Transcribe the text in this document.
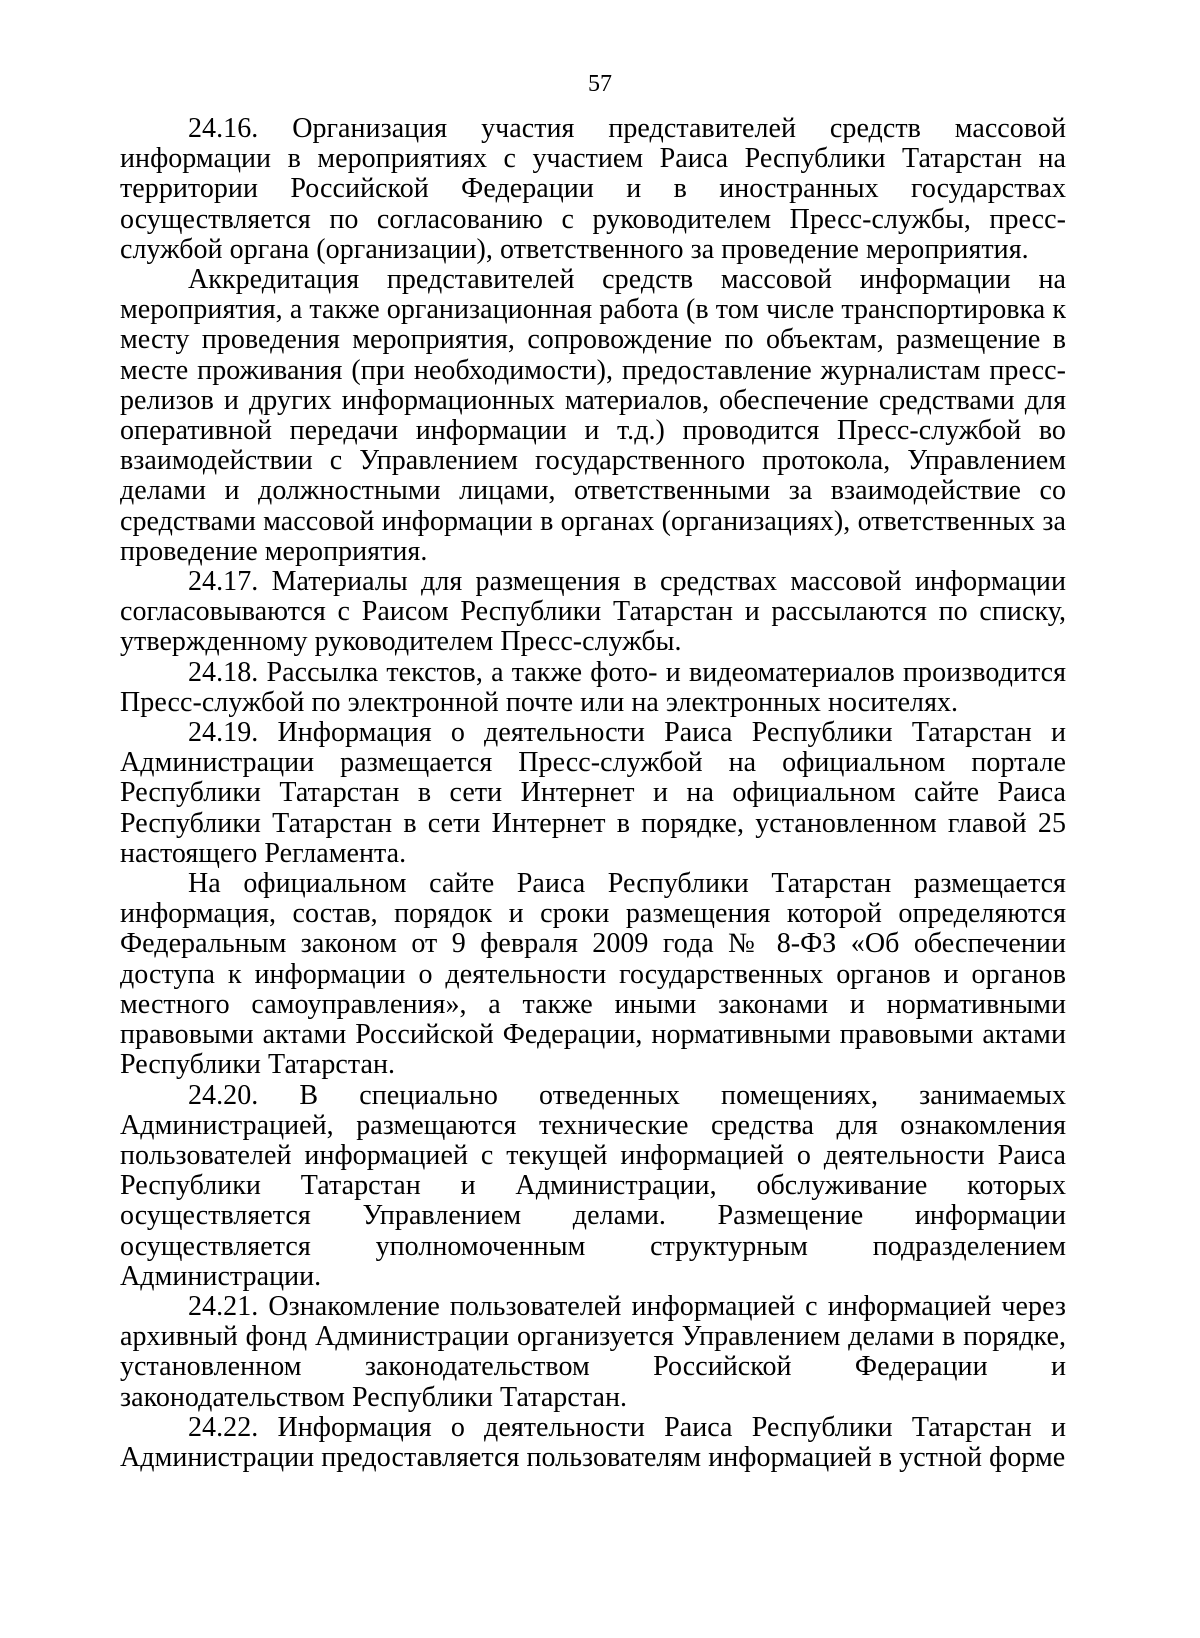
57

24.16. Организация участия представителей средств массовой информации в мероприятиях с участием Раиса Республики Татарстан на территории Российской Федерации и в иностранных государствах осуществляется по согласованию с руководителем Пресс-службы, пресс-службой органа (организации), ответственного за проведение мероприятия.

Аккредитация представителей средств массовой информации на мероприятия, а также организационная работа (в том числе транспортировка к месту проведения мероприятия, сопровождение по объектам, размещение в месте проживания (при необходимости), предоставление журналистам пресс-релизов и других информационных материалов, обеспечение средствами для оперативной передачи информации и т.д.) проводится Пресс-службой во взаимодействии с Управлением государственного протокола, Управлением делами и должностными лицами, ответственными за взаимодействие со средствами массовой информации в органах (организациях), ответственных за проведение мероприятия.

24.17. Материалы для размещения в средствах массовой информации согласовываются с Раисом Республики Татарстан и рассылаются по списку, утвержденному руководителем Пресс-службы.

24.18. Рассылка текстов, а также фото- и видеоматериалов производится Пресс-службой по электронной почте или на электронных носителях.

24.19. Информация о деятельности Раиса Республики Татарстан и Администрации размещается Пресс-службой на официальном портале Республики Татарстан в сети Интернет и на официальном сайте Раиса Республики Татарстан в сети Интернет в порядке, установленном главой 25 настоящего Регламента.

На официальном сайте Раиса Республики Татарстан размещается информация, состав, порядок и сроки размещения которой определяются Федеральным законом от 9 февраля 2009 года № 8-ФЗ «Об обеспечении доступа к информации о деятельности государственных органов и органов местного самоуправления», а также иными законами и нормативными правовыми актами Российской Федерации, нормативными правовыми актами Республики Татарстан.

24.20. В специально отведенных помещениях, занимаемых Администрацией, размещаются технические средства для ознакомления пользователей информацией с текущей информацией о деятельности Раиса Республики Татарстан и Администрации, обслуживание которых осуществляется Управлением делами. Размещение информации осуществляется уполномоченным структурным подразделением Администрации.

24.21. Ознакомление пользователей информацией с информацией через архивный фонд Администрации организуется Управлением делами в порядке, установленном законодательством Российской Федерации и законодательством Республики Татарстан.

24.22. Информация о деятельности Раиса Республики Татарстан и Администрации предоставляется пользователям информацией в устной форме
